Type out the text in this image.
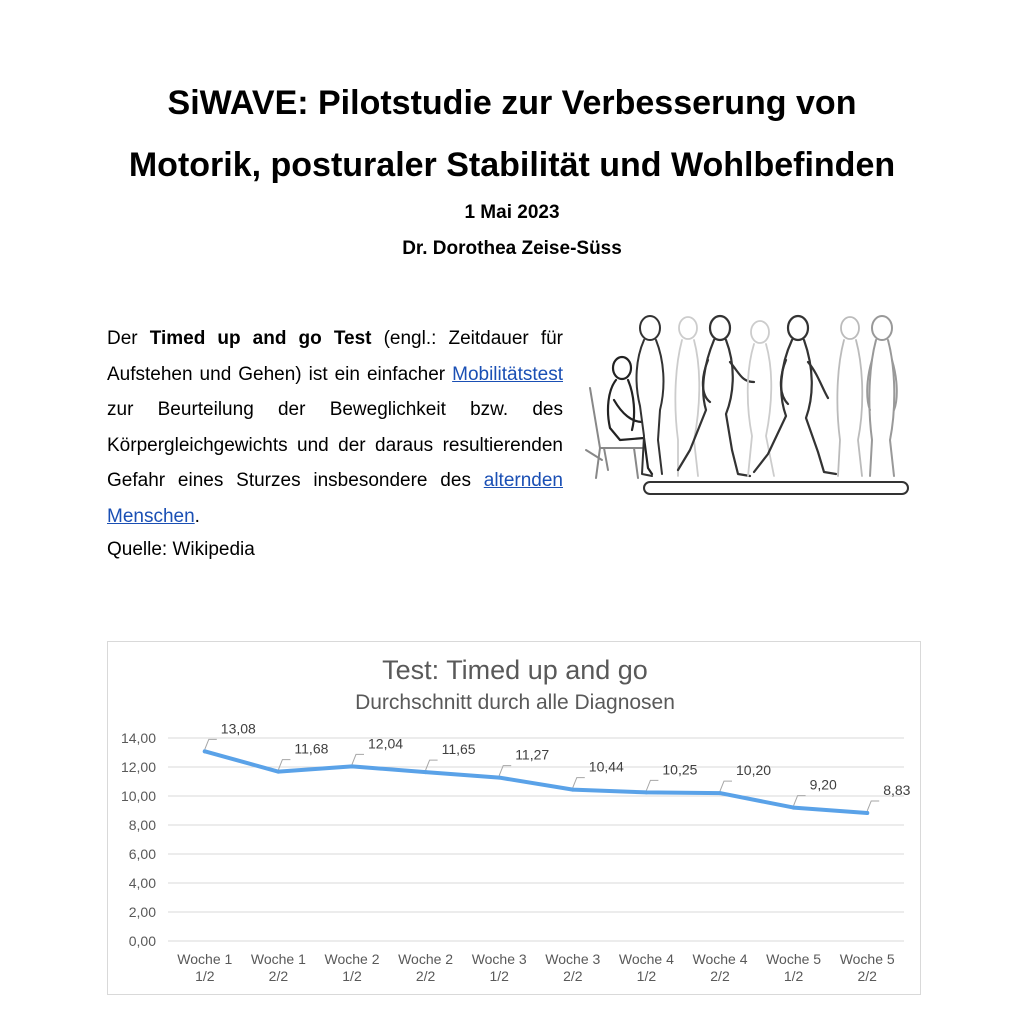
SiWAVE: Pilotstudie zur Verbesserung von
Motorik, posturaler Stabilität und Wohlbefinden
1 Mai 2023
Dr. Dorothea Zeise-Süss
Der Timed up and go Test (engl.: Zeitdauer für Aufstehen und Gehen) ist ein einfacher Mobilitätstest zur Beurteilung der Beweglichkeit bzw. des Körpergleichgewichts und der daraus resultierenden Gefahr eines Sturzes insbesondere des alternden Menschen.
Quelle: Wikipedia
Test: Timed up and go
Durchschnitt durch alle Diagnosen
0,00
2,00
4,00
6,00
8,00
10,00
12,00
14,00
Woche 1
1/2
Woche 1
2/2
Woche 2
1/2
Woche 2
2/2
Woche 3
1/2
Woche 3
2/2
Woche 4
1/2
Woche 4
2/2
Woche 5
1/2
Woche 5
2/2
13,08
11,68	12,04	11,65	11,27
10,44	10,25	10,20
9,20	8,83
